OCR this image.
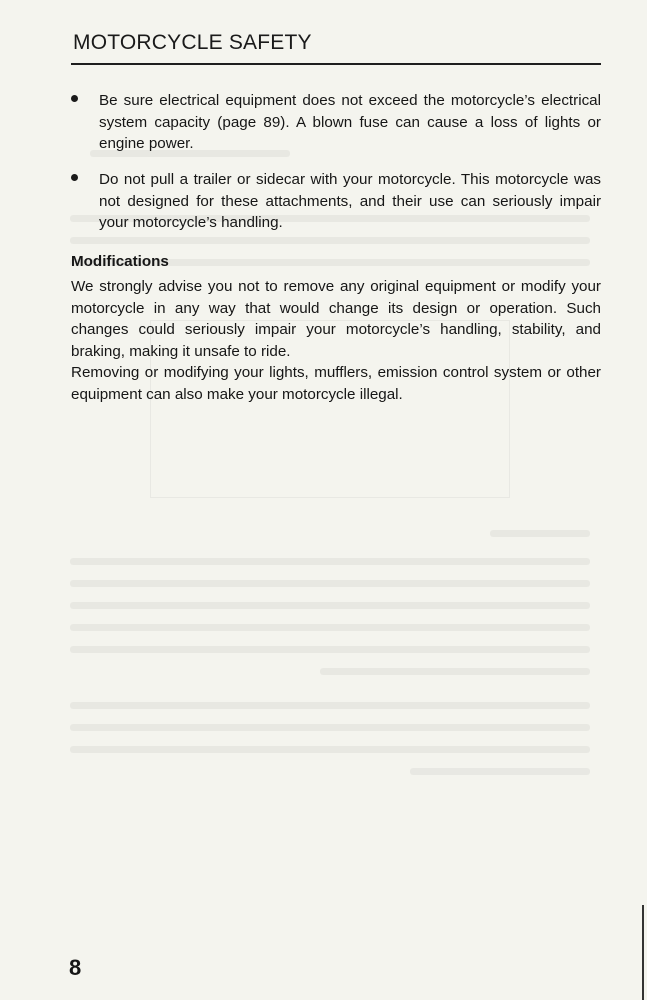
MOTORCYCLE SAFETY
Be sure electrical equipment does not exceed the motorcycle’s electrical system capacity (page 89). A blown fuse can cause a loss of lights or engine power.
Do not pull a trailer or sidecar with your motorcycle. This motorcycle was not designed for these attachments, and their use can seriously impair your motorcycle’s handling.
Modifications
We strongly advise you not to remove any original equipment or modify your motorcycle in any way that would change its design or operation. Such changes could seriously impair your motorcycle’s handling, stability, and braking, making it unsafe to ride.
Removing or modifying your lights, mufflers, emission control system or other equipment can also make your motorcycle illegal.
8
